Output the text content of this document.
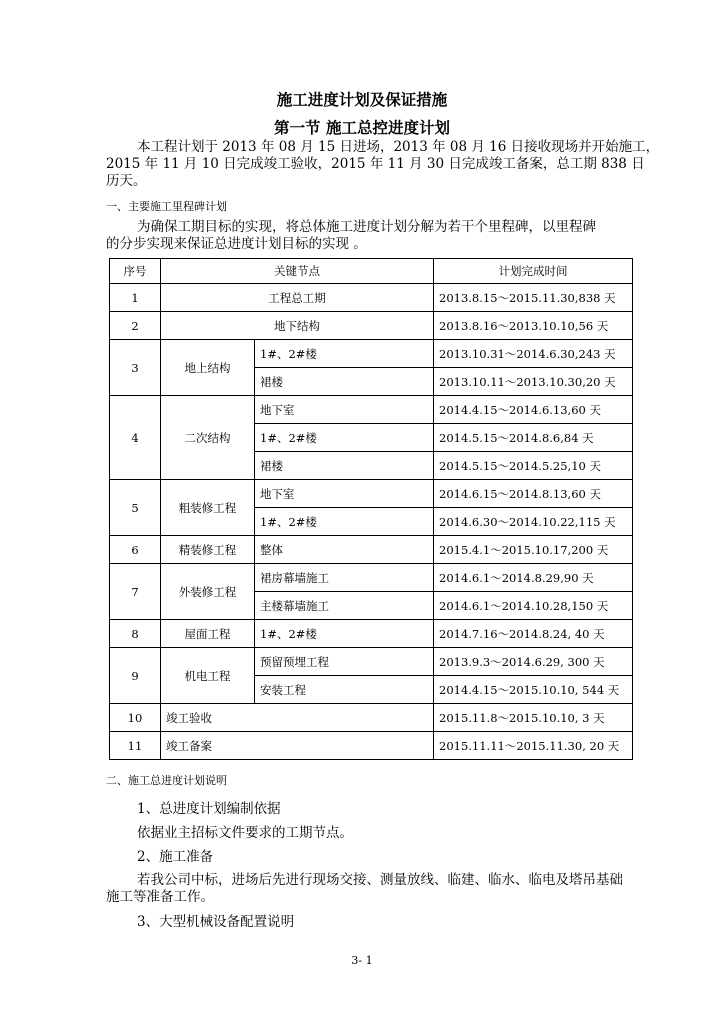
施工进度计划及保证措施
第一节 施工总控进度计划
本工程计划于 2013 年 08 月 15 日进场，2013 年 08 月 16 日接收现场并开始施工，
2015 年 11 月 10 日完成竣工验收，2015 年 11 月 30 日完成竣工备案，总工期 838 日
历天。
一、主要施工里程碑计划
为确保工期目标的实现，将总体施工进度计划分解为若干个里程碑，以里程碑
的分步实现来保证总进度计划目标的实现 。
序号	关键节点		计划完成时间
1	工程总工期		2013.8.15～2015.11.30,838 天
2	地下结构		2013.8.16～2013.10.10,56 天
3	地上结构	1#、2#楼	2013.10.31～2014.6.30,243 天
		裙楼	2013.10.11～2013.10.30,20 天
4	二次结构	地下室	2014.4.15～2014.6.13,60 天
		1#、2#楼	2014.5.15～2014.8.6,84 天
		裙楼	2014.5.15～2014.5.25,10 天
5	粗装修工程	地下室	2014.6.15～2014.8.13,60 天
		1#、2#楼	2014.6.30～2014.10.22,115 天
6	精装修工程	整体	2015.4.1～2015.10.17,200 天
7	外装修工程	裙房幕墙施工	2014.6.1～2014.8.29,90 天
		主楼幕墙施工	2014.6.1～2014.10.28,150 天
8	屋面工程	1#、2#楼	2014.7.16～2014.8.24, 40 天
9	机电工程	预留预埋工程	2013.9.3～2014.6.29, 300 天
		安装工程	2014.4.15～2015.10.10, 544 天
10	竣工验收		2015.11.8～2015.10.10, 3 天
11	竣工备案		2015.11.11～2015.11.30, 20 天
二、施工总进度计划说明
1、总进度计划编制依据
依据业主招标文件要求的工期节点。
2、施工准备
若我公司中标，进场后先进行现场交接、测量放线、临建、临水、临电及塔吊基础
施工等准备工作。
3、大型机械设备配置说明
3- 1
